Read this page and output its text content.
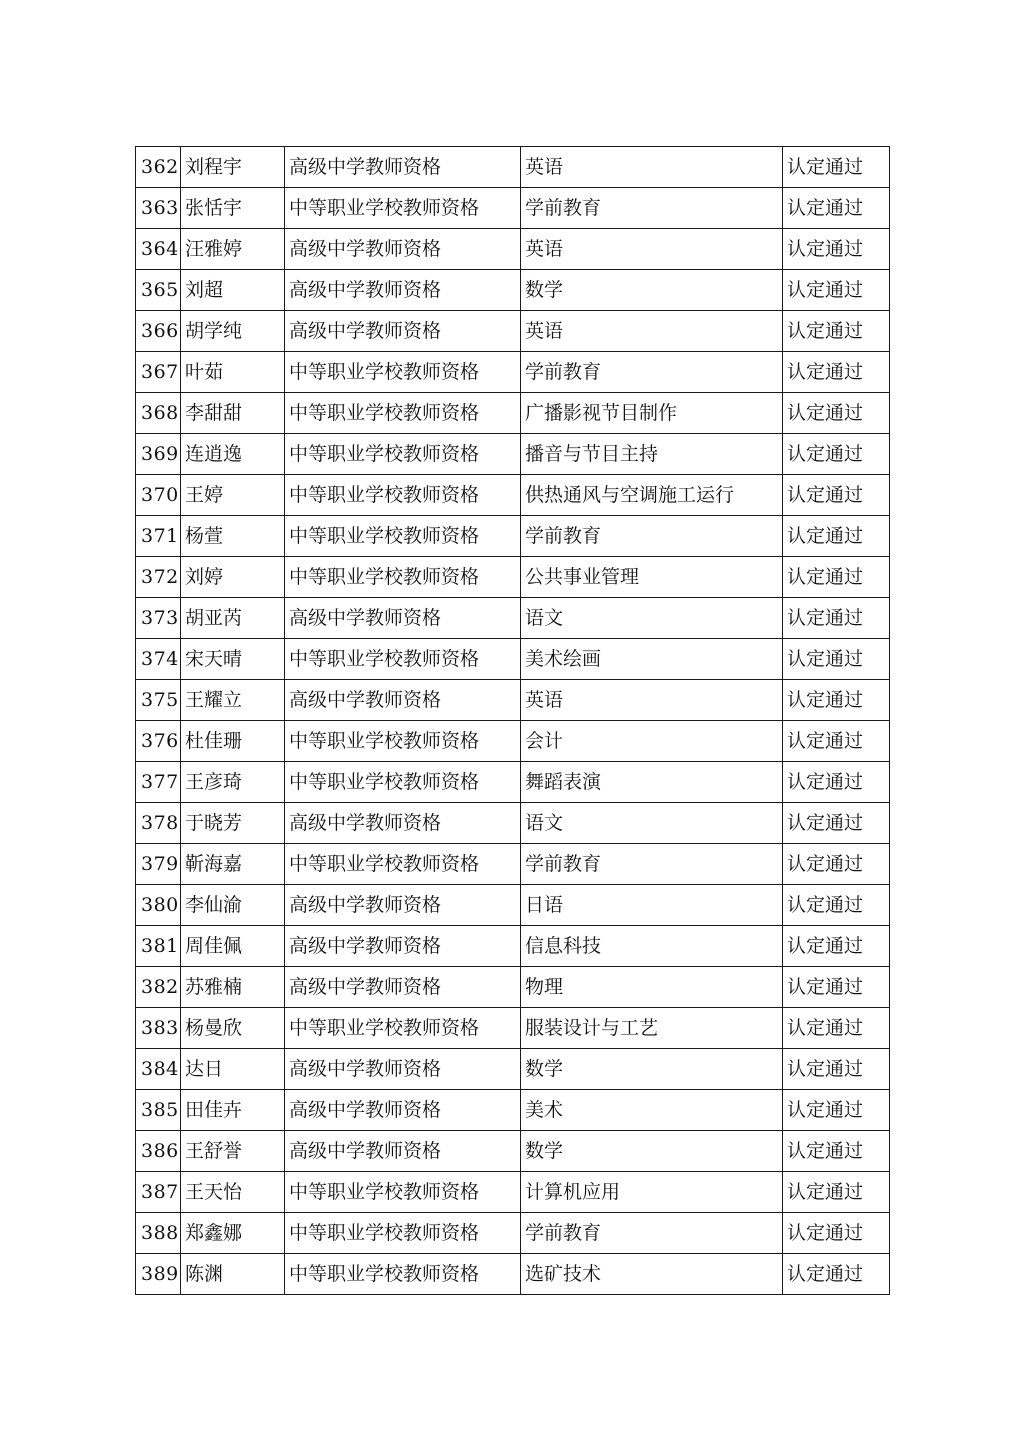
362	刘程宇	高级中学教师资格	英语	认定通过
363	张恬宇	中等职业学校教师资格	学前教育	认定通过
364	汪雅婷	高级中学教师资格	英语	认定通过
365	刘超	高级中学教师资格	数学	认定通过
366	胡学纯	高级中学教师资格	英语	认定通过
367	叶茹	中等职业学校教师资格	学前教育	认定通过
368	李甜甜	中等职业学校教师资格	广播影视节目制作	认定通过
369	连逍逸	中等职业学校教师资格	播音与节目主持	认定通过
370	王婷	中等职业学校教师资格	供热通风与空调施工运行	认定通过
371	杨萱	中等职业学校教师资格	学前教育	认定通过
372	刘婷	中等职业学校教师资格	公共事业管理	认定通过
373	胡亚芮	高级中学教师资格	语文	认定通过
374	宋天晴	中等职业学校教师资格	美术绘画	认定通过
375	王耀立	高级中学教师资格	英语	认定通过
376	杜佳珊	中等职业学校教师资格	会计	认定通过
377	王彦琦	中等职业学校教师资格	舞蹈表演	认定通过
378	于晓芳	高级中学教师资格	语文	认定通过
379	靳海嘉	中等职业学校教师资格	学前教育	认定通过
380	李仙渝	高级中学教师资格	日语	认定通过
381	周佳佩	高级中学教师资格	信息科技	认定通过
382	苏雅楠	高级中学教师资格	物理	认定通过
383	杨曼欣	中等职业学校教师资格	服装设计与工艺	认定通过
384	达日	高级中学教师资格	数学	认定通过
385	田佳卉	高级中学教师资格	美术	认定通过
386	王舒誉	高级中学教师资格	数学	认定通过
387	王天怡	中等职业学校教师资格	计算机应用	认定通过
388	郑鑫娜	中等职业学校教师资格	学前教育	认定通过
389	陈渊	中等职业学校教师资格	选矿技术	认定通过
